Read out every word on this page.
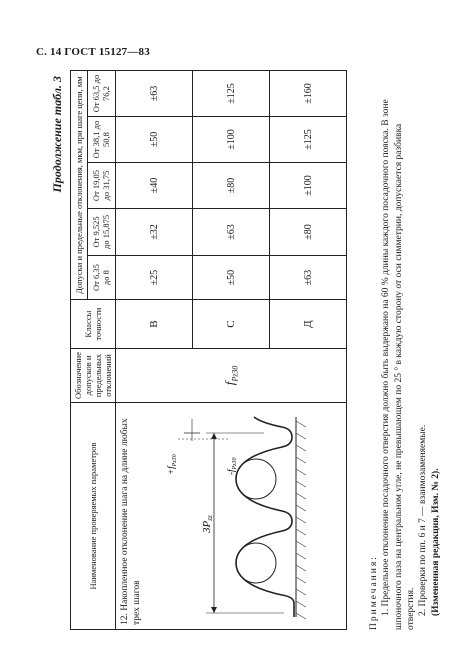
С. 14 ГОСТ 15127—83
Продолжение табл. 3
Наименование проверяемых параметров	Обозначение допусков и предельных отклонений	Классы точности	Допуски и предельные отклонения, мкм, при шаге цепи, мм				
			От 6,35 до 8	От 9,525 до 15,875	От 19,05 до 31,75	От 38,1 до 50,8	От 63,5 до 76,2

12. Накопленное отклонение шага на длине любых трех шагов
3Pzz
$+f_{Pz30}$
$-f_{Pz30}$	$f_{Pz30}$	B	±25	±32	±40	±50	±63
		С	±50	±63	±80	±100	±125
		Д	±63	±80	±100	±125	±160

Примечания: 1. Предельное отклонение посадочного отверстия должно быть выдержано на 60 % длины каждого посадочного пояска. В зоне шпоночного паза на центральном угле, не превышающем по 25 ° в каждую сторону от оси симметрии, допускается разбивка отверстия. 2. Проверки по пп. 6 и 7 — взаимозаменяемые. (Измененная редакция, Изм. № 2).
